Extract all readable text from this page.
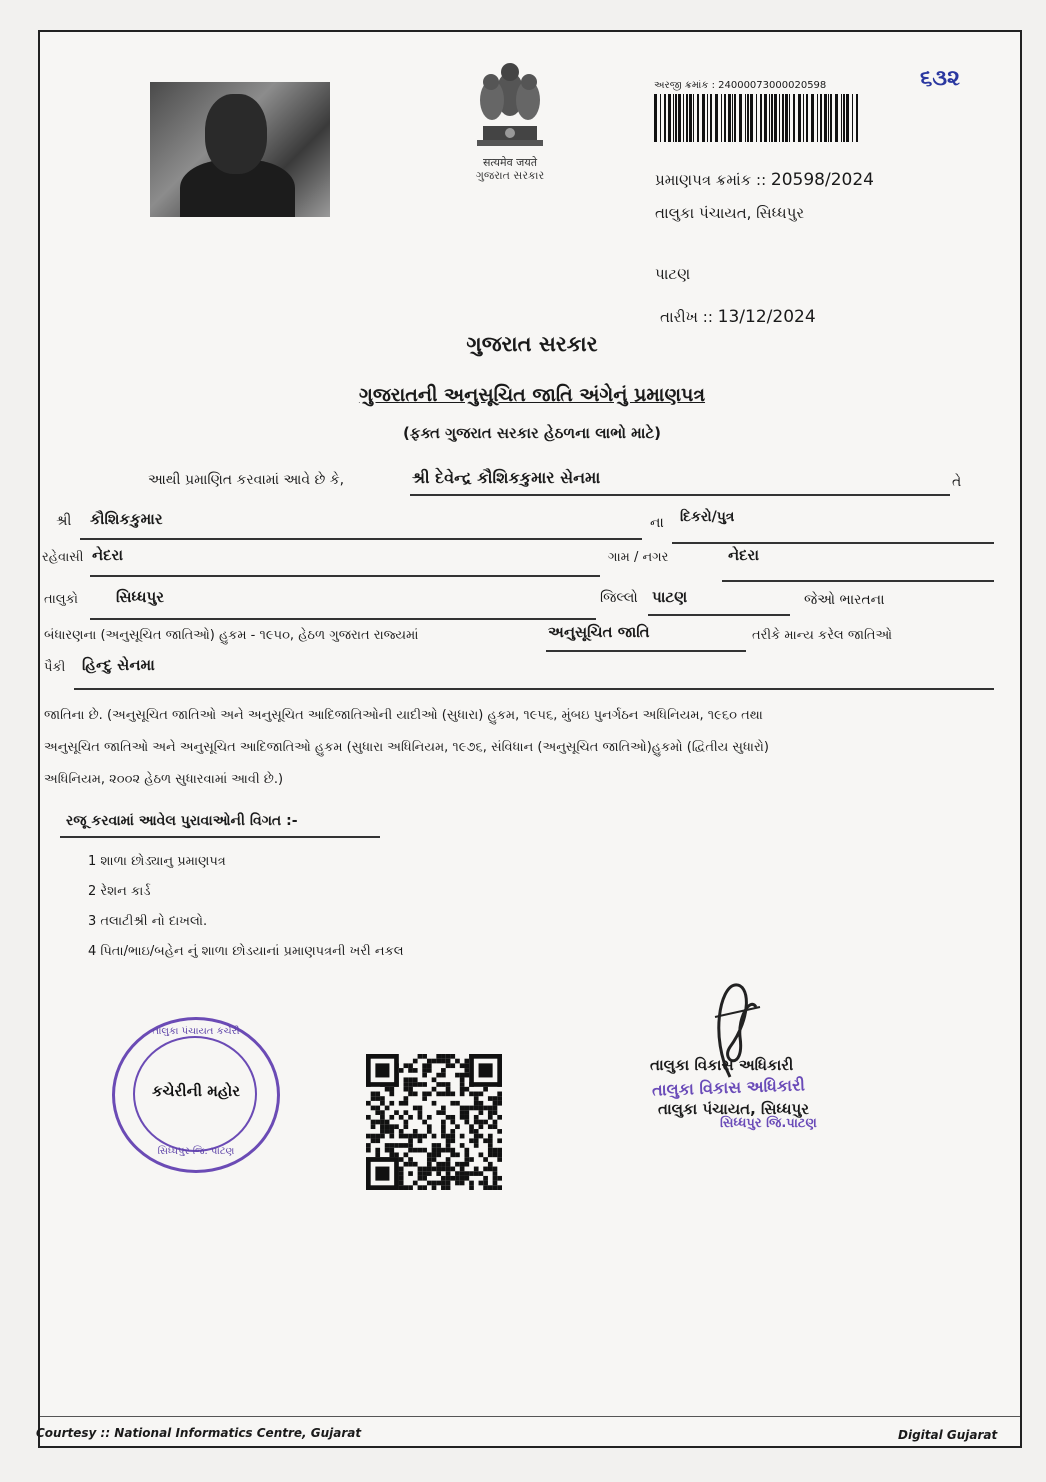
सत्यमेव जयते
ગુજરાત સરકાર
અરજી ક્રમાંક : 24000073000020598	૬૩૨
પ્રમાણપત્ર ક્રમાંક :: 20598/2024
તાલુકા પંચાયત, સિધ્ધપુર
પાટણ
તારીખ :: 13/12/2024
ગુજરાત સરકાર
ગુજરાતની અનુસૂચિત જાતિ અંગેનું પ્રમાણપત્ર
(ફક્ત ગુજરાત સરકાર હેઠળના લાભો માટે)
આથી પ્રમાણિત કરવામાં આવે છે કે,	શ્રી દેવેન્દ્ર કૌશિકકુમાર સેનમા	તે
શ્રી કૌશિકકુમાર	ના દિકરો/પુત્ર
રહેવાસી નેદરા	ગામ / નગર	નેદરા
તાલુકો	સિધ્ધપુર	જિલ્લો પાટણ	જેઓ ભારતના
બંધારણના (અનુસૂચિત જાતિઓ) હુકમ - ૧૯૫૦, હેઠળ ગુજરાત રાજ્યમાં	અનુસૂચિત જાતિ	તરીકે માન્ય કરેલ જાતિઓ
પૈકી હિન્દુ સેનમા
જાતિના છે. (અનુસૂચિત જાતિઓ અને અનુસૂચિત આદિજાતિઓની યાદીઓ (સુધારા) હુકમ, ૧૯૫૬, મુંબઇ પુનર્ગઠન અધિનિયમ, ૧૯૬૦ તથા
અનુસૂચિત જાતિઓ અને અનુસૂચિત આદિજાતિઓ હુકમ (સુધારા અધિનિયમ, ૧૯૭૬, સંવિધાન (અનુસૂચિત જાતિઓ)હુકમો (દ્વિતીય સુધારો)
અધિનિયમ, ૨૦૦૨ હેઠળ સુધારવામાં આવી છે.)
રજૂ કરવામાં આવેલ પુરાવાઓની વિગત :-
1 શાળા છોડ્યાનુ પ્રમાણપત્ર
2 રેશન કાર્ડ
3 તલાટીશ્રી નો દાખલો.
4 પિતા/ભાઇ/બહેન નું શાળા છોડયાનાં પ્રમાણપત્રની ખરી નકલ
તાલુકા પંચાયત કચેરી
સિધ્ધપુર જિ. પાટણ
કચેરીની મહોર
તાલુકા વિકાસ અધિકારી
તાલુકા વિકાસ અધિકારી
તાલુકા પંચાયત, સિધ્ધપુર
સિધ્ધપુર જિ.પાટણ
Courtesy :: National Informatics Centre, Gujarat	Digital Gujarat
